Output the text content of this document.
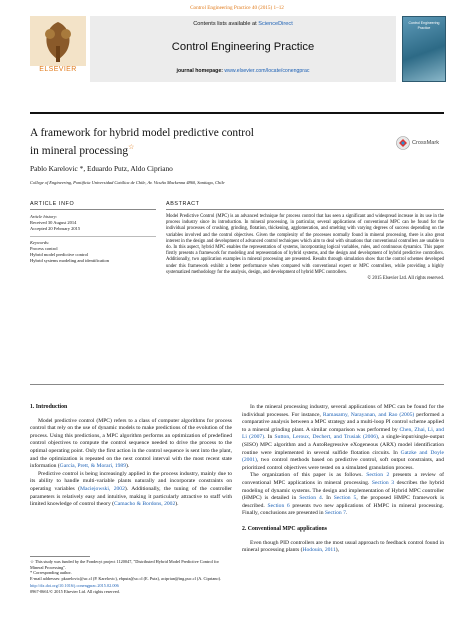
Control Engineering Practice 40 (2015) 1–12
ELSEVIER
Contents lists available at ScienceDirect
Control Engineering Practice
journal homepage: www.elsevier.com/locate/conengprac
Control Engineering Practice
A framework for hybrid model predictive control
in mineral processing☆	CrossMark
Pablo Karelovic *, Eduardo Putz, Aldo Cipriano
College of Engineering, Pontificia Universidad Católica de Chile, Av. Vicuña Mackenna 4860, Santiago, Chile
ARTICLE INFO
Article history:
Received 30 August 2014
Accepted 20 February 2015
Keywords:
Process control
Hybrid model predictive control
Hybrid systems modeling and identification
ABSTRACT
Model Predictive Control (MPC) is an advanced technique for process control that has seen a significant and widespread increase in its use in the process industry since its introduction. In mineral processing, in particular, several applications of conventional MPC can be found for the individual processes of crushing, grinding, flotation, thickening, agglomeration, and smelting with varying degrees of success depending on the variables involved and the control objectives. Given the complexity of the processes normally found in mineral processing, there is also great interest in the design and development of advanced control techniques which aim to deal with situations that conventional controllers are unable to do. In this aspect, hybrid MPC enables the representation of systems, incorporating logical variables, rules, and continuous dynamics. This paper firstly presents a framework for modeling and representation of hybrid systems, and the design and development of hybrid predictive controllers. Additionally, two application examples in mineral processing are presented. Results through simulation show that the control schemes developed under this framework exhibit a better performance when compared with conventional expert or MPC controllers, while providing a highly systematized methodology for the analysis, design, and development of hybrid MPC controllers.
© 2015 Elsevier Ltd. All rights reserved.
1. Introduction

Model predictive control (MPC) refers to a class of computer algorithms for process control that rely on the use of dynamic models to make predictions of the evolution of the process. Using this predictions, a MPC algorithm performs an optimization of predefined control objectives to compute the control sequence needed to drive the process to the optimal operating point. Only the first action in the control sequence is sent into the plant, and the optimization is repeated on the next control interval with the most recent state information (García, Prett, & Morari, 1989).

Predictive control is being increasingly applied in the process industry, mainly due to its ability to handle multi-variable plants naturally and incorporate constraints on operating variables (Maciejowski, 2002). Additionally, the tuning of the controller parameters is relatively easy and intuitive, making it particularly attractive to staff with limited knowledge of control theory (Camacho & Bordons, 2002).

☆ This study was funded by the Fondecyt project 1120047, "Distributed Hybrid Model Predictive Control for Mineral Processing".
* Corresponding author.
E-mail addresses: pkarelovic@uc.cl (P. Karelovic), ebputz@uc.cl (E. Putz), aciprian@ing.puc.cl (A. Cipriano).
http://dx.doi.org/10.1016/j.conengprac.2015.02.006
0967-0661/© 2015 Elsevier Ltd. All rights reserved.

In the mineral processing industry, several applications of MPC can be found for the individual processes. For instance, Ramasamy, Narayanan, and Rao (2005) performed a comparative analysis between a MPC strategy and a multi-loop PI control scheme applied to a mineral grinding plant. A similar comparison was performed by Chen, Zhai, Li, and Li (2007). In Sutton, Leroux, Dechert, and Trusiak (2006), a single-input/single-output (SISO) MPC algorithm and a AutoRegressive eXogeneous (ARX) model identification routine were implemented in several sulfide flotation circuits. In Gatzke and Doyle (2001), two control methods based on predictive control, soft output constraints, and prioritized control objectives were tested on a simulated granulation process.

The organization of this paper is as follows. Section 2 presents a review of conventional MPC applications in mineral processing. Section 3 describes the hybrid modeling of dynamic systems. The design and implementation of Hybrid MPC controller (HMPC) is detailed in Section 4. In Section 5, the proposed HMPC framework is described. Section 6 presents two new applications of HMPC in mineral processing. Finally, conclusions are presented in Section 7.

2. Conventional MPC applications

Even though PID controllers are the most usual approach to feedback control found in mineral processing plants (Hodouin, 2011),
